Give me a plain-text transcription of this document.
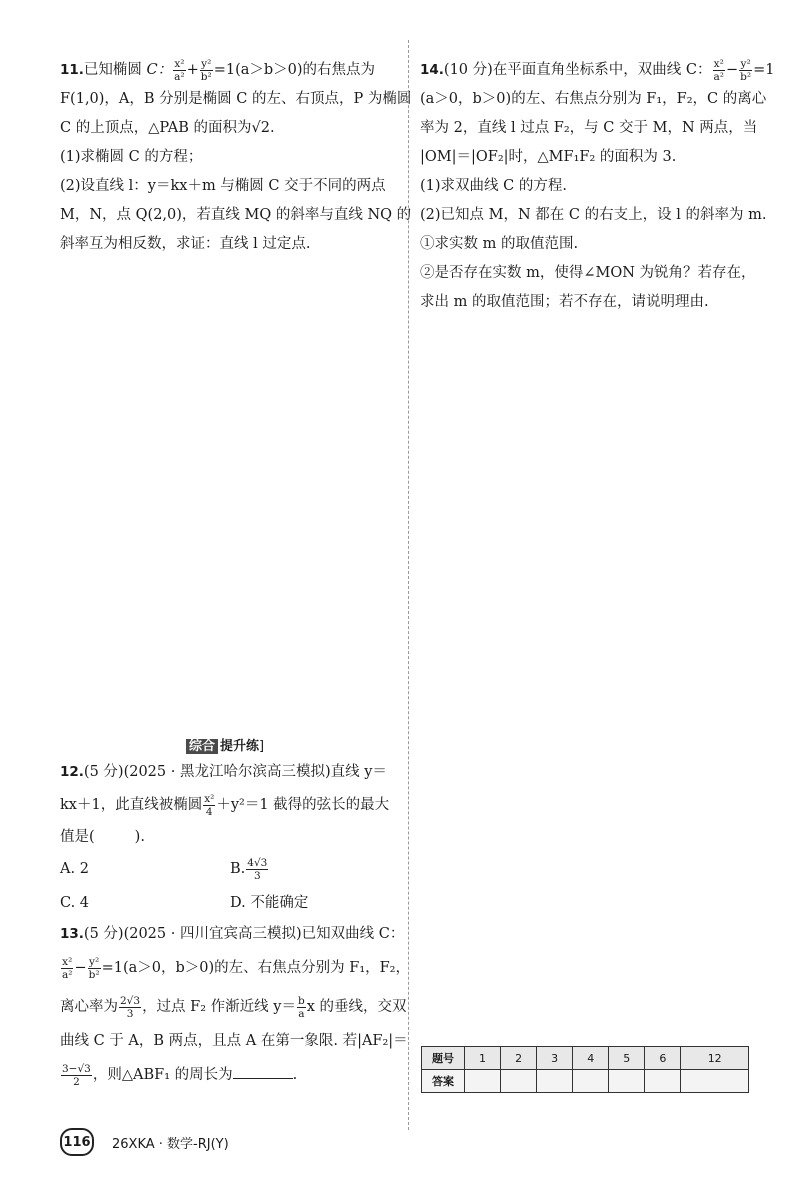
11.已知椭圆 C： $\frac{\text{x²}}{\text{a²}} + \frac{\text{y²}}{\text{b²}} =1(a>b>0)$的右焦点为
F(1,0)，A，B 分别是椭圆 C 的左、右顶点，P 为椭圆
C 的上顶点，△PAB 的面积为√2.
(1)求椭圆 C 的方程；
(2)设直线 l：y＝kx＋m 与椭圆 C 交于不同的两点
M，N，点 Q(2,0)，若直线 MQ 的斜率与直线 NQ 的
斜率互为相反数，求证：直线 l 过定点.
综合 提升练]
12.(5 分)(2025 · 黑龙江哈尔滨高三模拟)直线 y＝
kx＋1，此直线被椭圆 $\frac{\text{x²}}{4} +y^2=1$ 截得的弦长的最大
值是(	).
A. 2	B. $\frac{4√3}{3}$
C. 4	D. 不能确定
13.(5 分)(2025 · 四川宜宾高三模拟)已知双曲线 C：
$\frac{\text{x²}}{\text{a²}} - \frac{\text{y²}}{\text{b²}} =1(a>0$，b＞0)的左、右焦点分别为 F₁，F₂，
离心率为 $\frac{2√3}{3}$ ，过点 F₂ 作渐近线 $y= \frac{b}{a}$ x 的垂线，交双
曲线 C 于 A，B 两点，且点 A 在第一象限. 若|AF₂|＝
$\frac{3-√3}{2}$ ，则△ABF₁ 的周长为	.
14.(10 分)在平面直角坐标系中，双曲线 C： $\frac{\text{x²}}{\text{a²}} - \frac{\text{y²}}{\text{b²}} =1$
(a＞0，b＞0)的左、右焦点分别为 F₁，F₂，C 的离心
率为 2，直线 l 过点 F₂，与 C 交于 M，N 两点，当
|OM|＝|OF₂|时，△MF₁F₂ 的面积为 3.
(1)求双曲线 C 的方程.
(2)已知点 M，N 都在 C 的右支上，设 l 的斜率为 m.
①求实数 m 的取值范围.
②是否存在实数 m，使得∠MON 为锐角？若存在，
求出 m 的取值范围；若不存在，请说明理由.
题号	1	2	3	4	5	6	12
答案							
116 26XKA · 数学-RJ(Y)
